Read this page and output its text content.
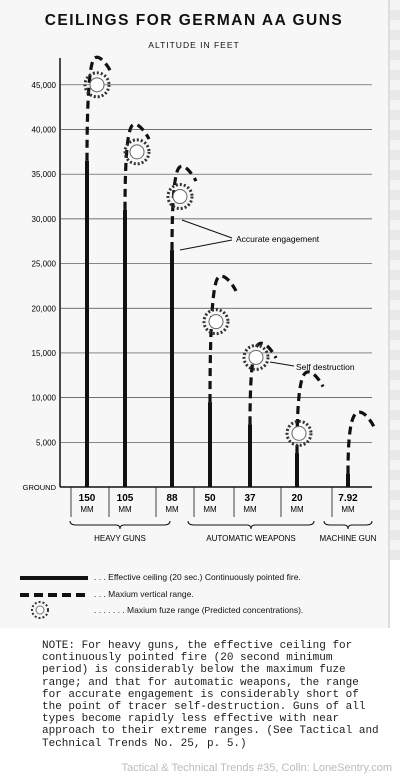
CEILINGS FOR GERMAN AA GUNS
ALTITUDE IN FEET
5,000
10,000
15,000
20,000
25,000
30,000
35,000
40,000
45,000
GROUND
Accurate engagement
Self destruction
150
MM
105
MM
88
MM
50
MM
37
MM
20
MM
7.92
MM
HEAVY GUNS	AUTOMATIC WEAPONS	MACHINE GUN
. . . Effective ceiling (20 sec.) Continuously pointed fire.
. . . Maxium vertical range.
. . . . . . . Maxium fuze range (Predicted concentrations).
NOTE: For heavy guns, the effective ceiling for continuously pointed fire (20 second minimum period) is considerably below the maximum fuze range; and that for automatic weapons, the range for accurate engagement is considerably short of the point of tracer self-destruction. Guns of all types become rapidly less effective with near approach to their extreme ranges. (See Tactical and Technical Trends No. 25, p. 5.)
Tactical & Technical Trends #35, Colln: LoneSentry.com
